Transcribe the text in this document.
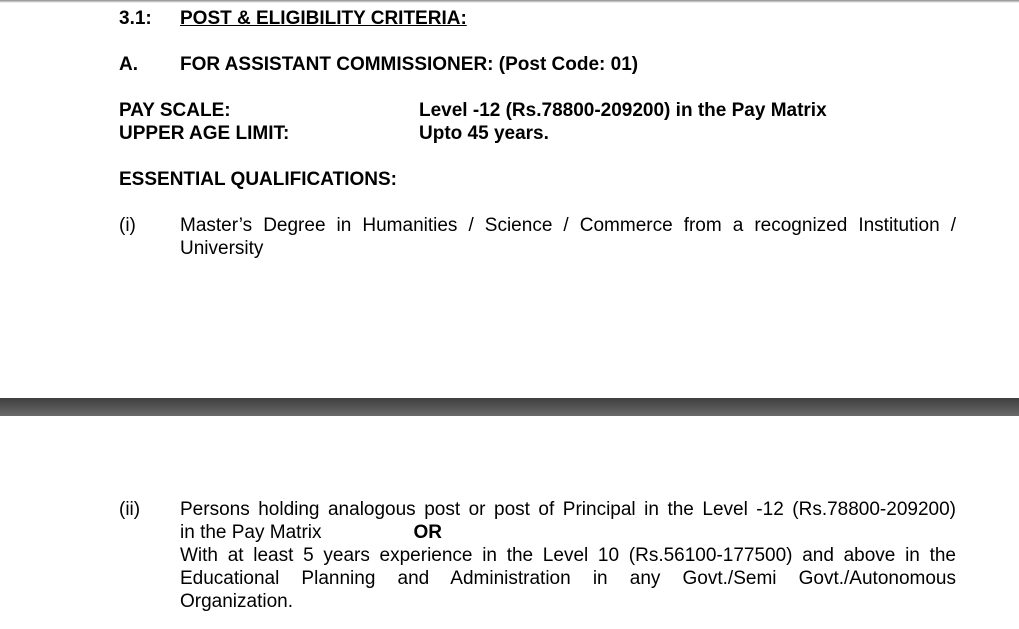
3.1: POST & ELIGIBILITY CRITERIA:
A. FOR ASSISTANT COMMISSIONER: (Post Code: 01)
PAY SCALE:	Level -12 (Rs.78800-209200) in the Pay Matrix
UPPER AGE LIMIT:	Upto 45 years.
ESSENTIAL QUALIFICATIONS:
(i) Master’s Degree in Humanities / Science / Commerce from a recognized Institution /
University
(ii) Persons holding analogous post or post of Principal in the Level -12 (Rs.78800-209200)
in the Pay Matrix	OR
With at least 5 years experience in the Level 10 (Rs.56100-177500) and above in the
Educational Planning and Administration in any Govt./Semi Govt./Autonomous
Organization.
